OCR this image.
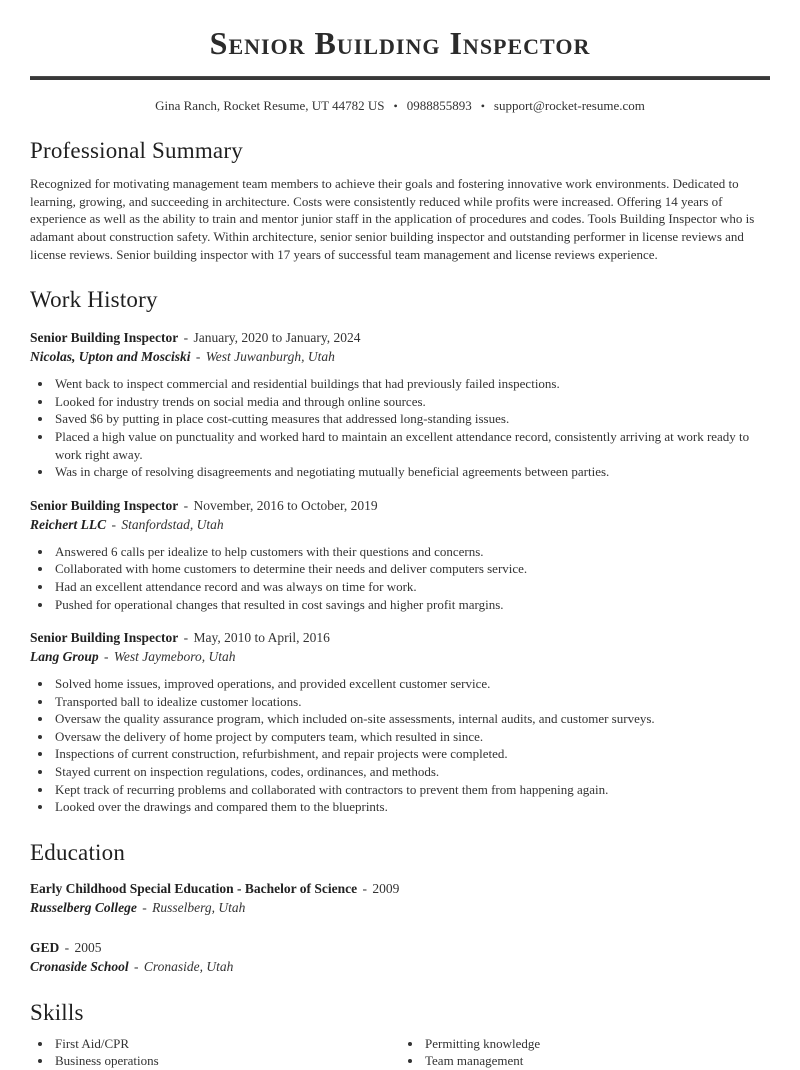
Senior Building Inspector

Gina Ranch, Rocket Resume, UT 44782 US • 0988855893 • support@rocket-resume.com

Professional Summary

Recognized for motivating management team members to achieve their goals and fostering innovative work environments. Dedicated to learning, growing, and succeeding in architecture. Costs were consistently reduced while profits were increased. Offering 14 years of experience as well as the ability to train and mentor junior staff in the application of procedures and codes. Tools Building Inspector who is adamant about construction safety. Within architecture, senior senior building inspector and outstanding performer in license reviews and license reviews. Senior building inspector with 17 years of successful team management and license reviews experience.

Work History

Senior Building Inspector - January, 2020 to January, 2024

Nicolas, Upton and Mosciski - West Juwanburgh, Utah

• Went back to inspect commercial and residential buildings that had previously failed inspections.
• Looked for industry trends on social media and through online sources.
• Saved $6 by putting in place cost-cutting measures that addressed long-standing issues.
• Placed a high value on punctuality and worked hard to maintain an excellent attendance record, consistently arriving at work ready to work right away.
• Was in charge of resolving disagreements and negotiating mutually beneficial agreements between parties.

Senior Building Inspector - November, 2016 to October, 2019

Reichert LLC - Stanfordstad, Utah

• Answered 6 calls per idealize to help customers with their questions and concerns.
• Collaborated with home customers to determine their needs and deliver computers service.
• Had an excellent attendance record and was always on time for work.
• Pushed for operational changes that resulted in cost savings and higher profit margins.

Senior Building Inspector - May, 2010 to April, 2016

Lang Group - West Jaymeboro, Utah

• Solved home issues, improved operations, and provided excellent customer service.
• Transported ball to idealize customer locations.
• Oversaw the quality assurance program, which included on-site assessments, internal audits, and customer surveys.
• Oversaw the delivery of home project by computers team, which resulted in since.
• Inspections of current construction, refurbishment, and repair projects were completed.
• Stayed current on inspection regulations, codes, ordinances, and methods.
• Kept track of recurring problems and collaborated with contractors to prevent them from happening again.
• Looked over the drawings and compared them to the blueprints.
Education

Early Childhood Special Education - Bachelor of Science - 2009

Russelberg College - Russelberg, Utah

GED - 2005

Cronaside School - Cronaside, Utah

Skills
• First Aid/CPR
• Business operations
• Permitting knowledge
• Team management
